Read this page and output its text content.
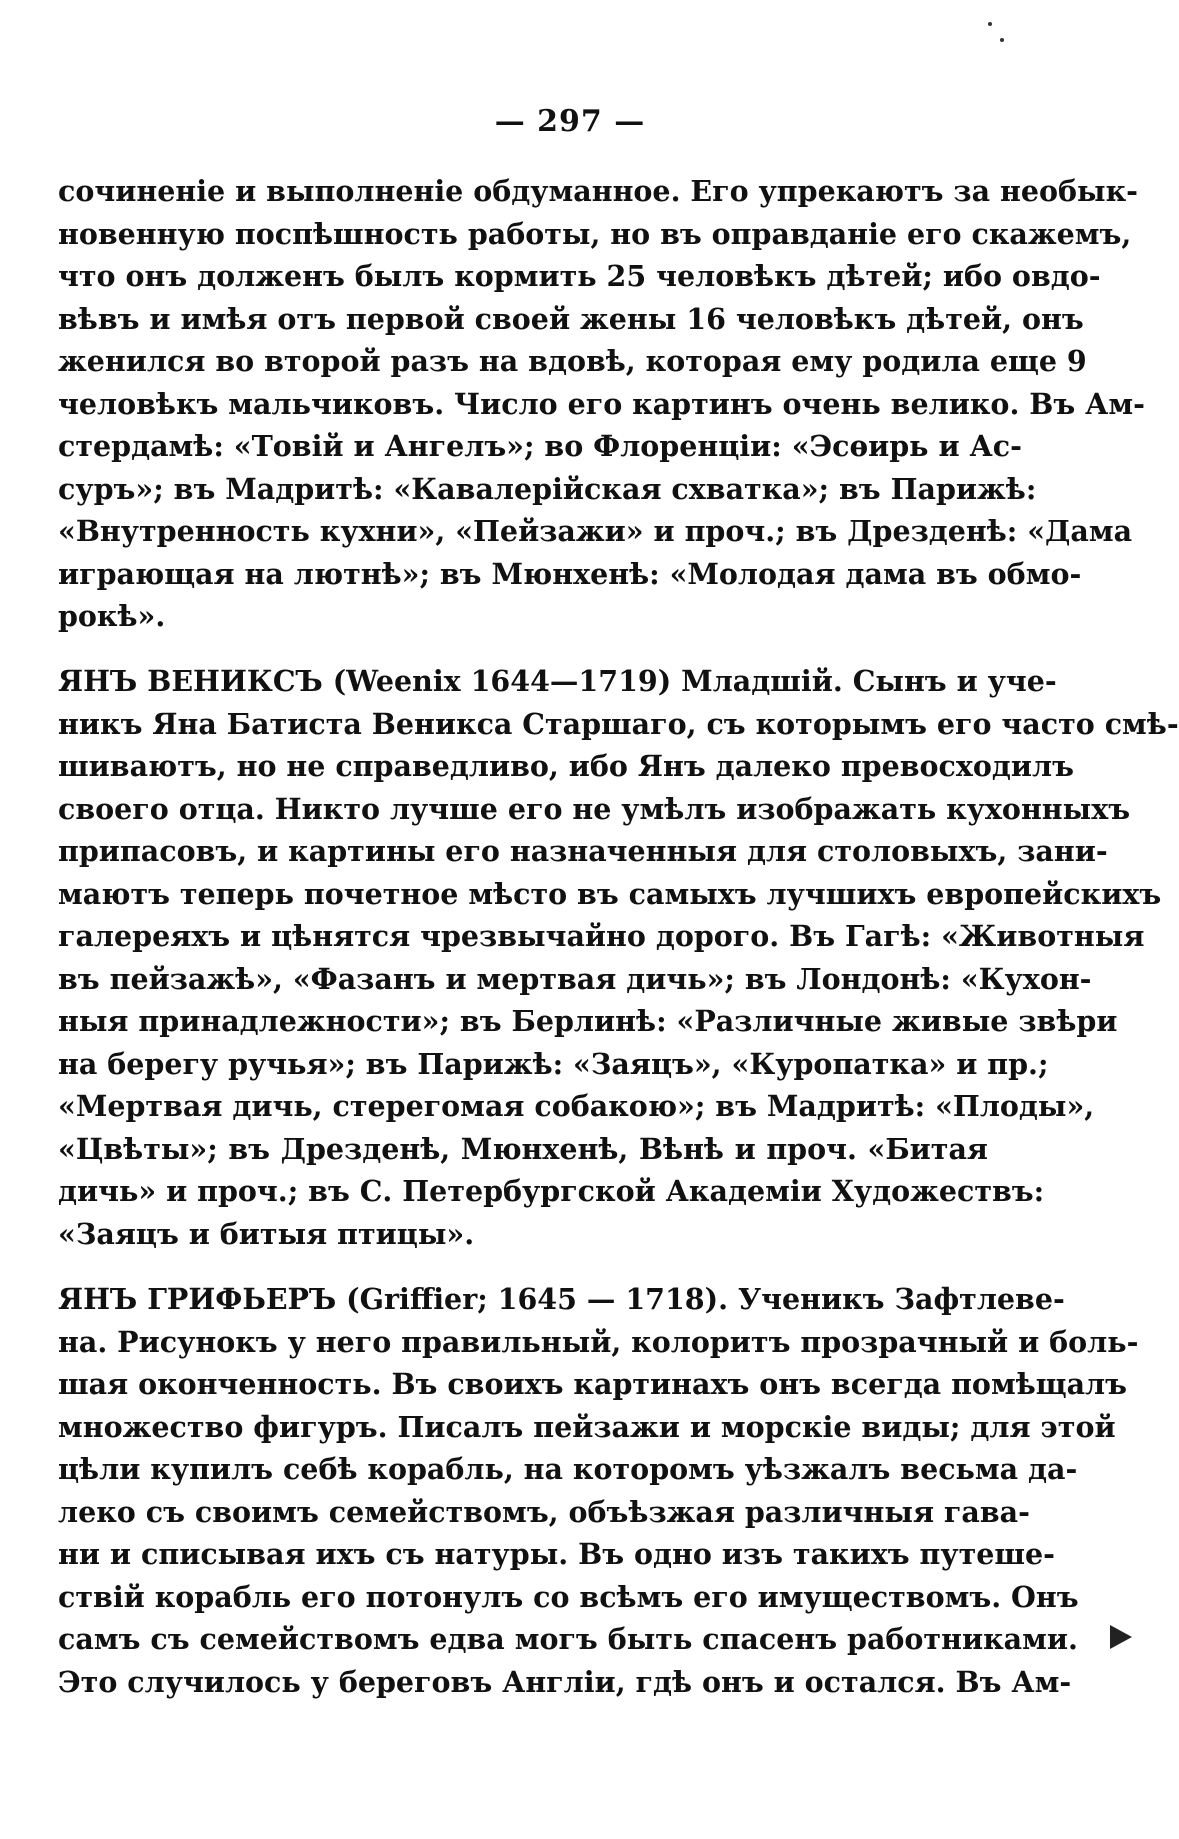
— 297 —
сочиненіе и выполненіе обдуманное. Его упрекаютъ за необык-
новенную поспѣшность работы, но въ оправданіе его скажемъ,
что онъ долженъ былъ кормить 25 человѣкъ дѣтей; ибо овдо-
вѣвъ и имѣя отъ первой своей жены 16 человѣкъ дѣтей, онъ
женился во второй разъ на вдовѣ, которая ему родила еще 9
человѣкъ мальчиковъ. Число его картинъ очень велико. Въ Ам-
стердамѣ: «Товій и Ангелъ»; во Флоренціи: «Эсѳирь и Ас-
суръ»; въ Мадритѣ: «Кавалерійская схватка»; въ Парижѣ:
«Внутренность кухни», «Пейзажи» и проч.; въ Дрезденѣ: «Дама
играющая на лютнѣ»; въ Мюнхенѣ: «Молодая дама въ обмо-
рокѣ».
ЯНЪ ВЕНИКСЪ (Weenix 1644—1719) Младшій. Сынъ и уче-
никъ Яна Батиста Веникса Старшаго, съ которымъ его часто смѣ-
шиваютъ, но не справедливо, ибо Янъ далеко превосходилъ
своего отца. Никто лучше его не умѣлъ изображать кухонныхъ
припасовъ, и картины его назначенныя для столовыхъ, зани-
маютъ теперь почетное мѣсто въ самыхъ лучшихъ европейскихъ
галереяхъ и цѣнятся чрезвычайно дорого. Въ Гагѣ: «Животныя
въ пейзажѣ», «Фазанъ и мертвая дичь»; въ Лондонѣ: «Кухон-
ныя принадлежности»; въ Берлинѣ: «Различные живые звѣри
на берегу ручья»; въ Парижѣ: «Заяцъ», «Куропатка» и пр.;
«Мертвая дичь, стерегомая собакою»; въ Мадритѣ: «Плоды»,
«Цвѣты»; въ Дрезденѣ, Мюнхенѣ, Вѣнѣ и проч. «Битая
дичь» и проч.; въ С. Петербургской Академіи Художествъ:
«Заяцъ и битыя птицы».
ЯНЪ ГРИФЬЕРЪ (Griffier; 1645 — 1718). Ученикъ Зафтлеве-
на. Рисунокъ у него правильный, колоритъ прозрачный и боль-
шая оконченность. Въ своихъ картинахъ онъ всегда помѣщалъ
множество фигуръ. Писалъ пейзажи и морскіе виды; для этой
цѣли купилъ себѣ корабль, на которомъ уѣзжалъ весьма да-
леко съ своимъ семействомъ, объѣзжая различныя гава-
ни и списывая ихъ съ натуры. Въ одно изъ такихъ путеше-
ствій корабль его потонулъ со всѣмъ его имуществомъ. Онъ
самъ съ семействомъ едва могъ быть спасенъ работниками.
Это случилось у береговъ Англіи, гдѣ онъ и остался. Въ Ам-
